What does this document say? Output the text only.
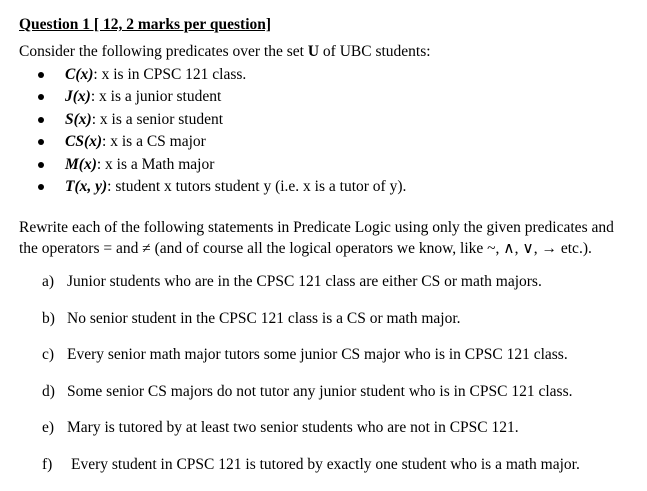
Question 1 [ 12, 2 marks per question]
Consider the following predicates over the set U of UBC students:
C(x): x is in CPSC 121 class.
J(x): x is a junior student
S(x): x is a senior student
CS(x): x is a CS major
M(x): x is a Math major
T(x, y): student x tutors student y (i.e. x is a tutor of y).
Rewrite each of the following statements in Predicate Logic using only the given predicates and
the operators = and ≠ (and of course all the logical operators we know, like ~, ∧, ∨, → etc.).
a) Junior students who are in the CPSC 121 class are either CS or math majors.
b) No senior student in the CPSC 121 class is a CS or math major.
c) Every senior math major tutors some junior CS major who is in CPSC 121 class.
d) Some senior CS majors do not tutor any junior student who is in CPSC 121 class.
e) Mary is tutored by at least two senior students who are not in CPSC 121.
f) Every student in CPSC 121 is tutored by exactly one student who is a math major.
